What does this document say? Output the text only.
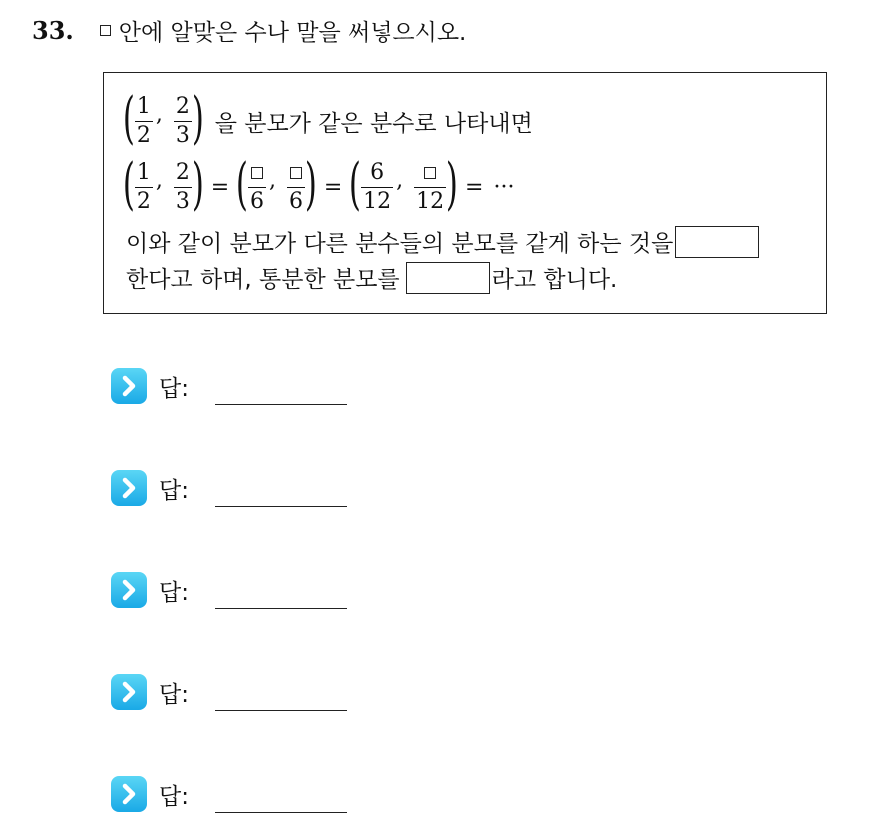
33. 안에 알맞은 수나 말을 써넣으시오.
( $\frac{1}{2}$ , $\frac{2}{3}$ ) 을 분모가 같은 분수로 나타내면
( $\frac{1}{2}$ , $\frac{2}{3}$ ) = ( 6
,
6 ) = ( $\frac{6}{12}$ ,
12 ) = ···
이와 같이 분모가 다른 분수들의 분모를 같게 하는 것을
한다고 하며, 통분한 분모를	라고 합니다.
답:
답:
답:
답:
답:
